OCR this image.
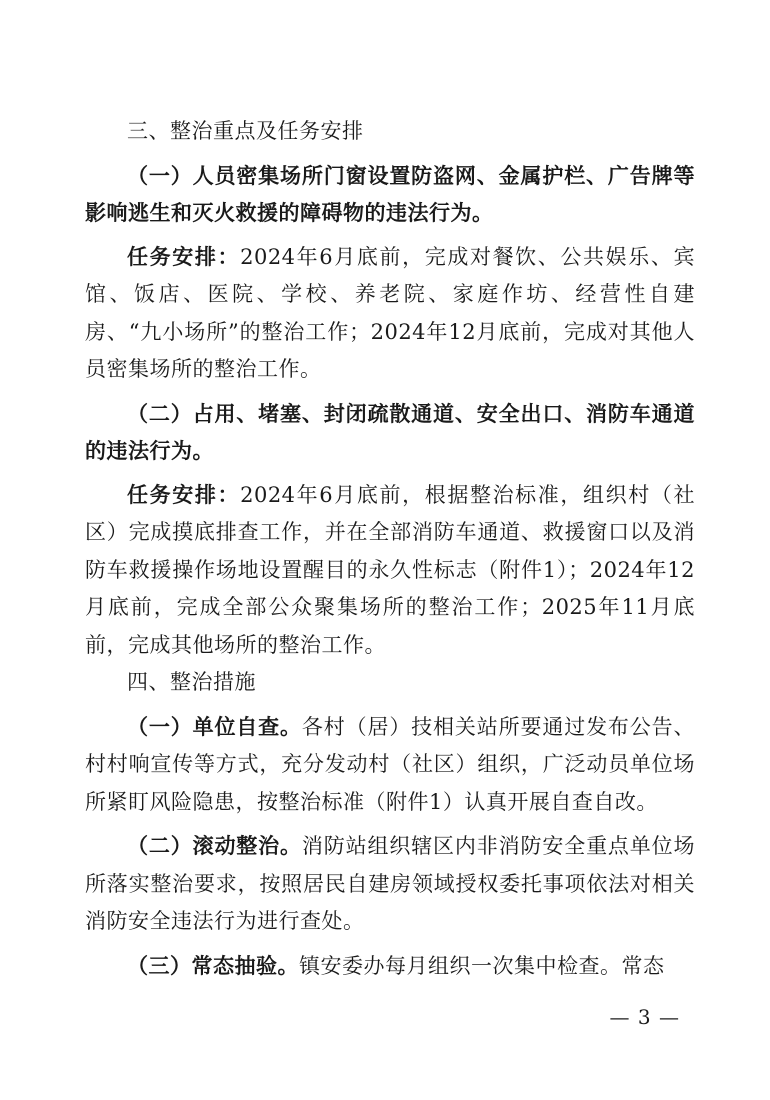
三、整治重点及任务安排

（一）人员密集场所门窗设置防盗网、金属护栏、广告牌等影响逃生和灭火救援的障碍物的违法行为。

任务安排：2024年6月底前，完成对餐饮、公共娱乐、宾馆、饭店、医院、学校、养老院、家庭作坊、经营性自建房、“九小场所”的整治工作；2024年12月底前，完成对其他人员密集场所的整治工作。

（二）占用、堵塞、封闭疏散通道、安全出口、消防车通道的违法行为。

任务安排：2024年6月底前，根据整治标准，组织村（社区）完成摸底排查工作，并在全部消防车通道、救援窗口以及消防车救援操作场地设置醒目的永久性标志（附件1）；2024年12月底前，完成全部公众聚集场所的整治工作；2025年11月底前，完成其他场所的整治工作。

四、整治措施

（一）单位自查。各村（居）技相关站所要通过发布公告、村村响宣传等方式，充分发动村（社区）组织，广泛动员单位场所紧盯风险隐患，按整治标准（附件1）认真开展自查自改。

（二）滚动整治。消防站组织辖区内非消防安全重点单位场所落实整治要求，按照居民自建房领域授权委托事项依法对相关消防安全违法行为进行查处。

（三）常态抽验。镇安委办每月组织一次集中检查。常态

— 3 —
